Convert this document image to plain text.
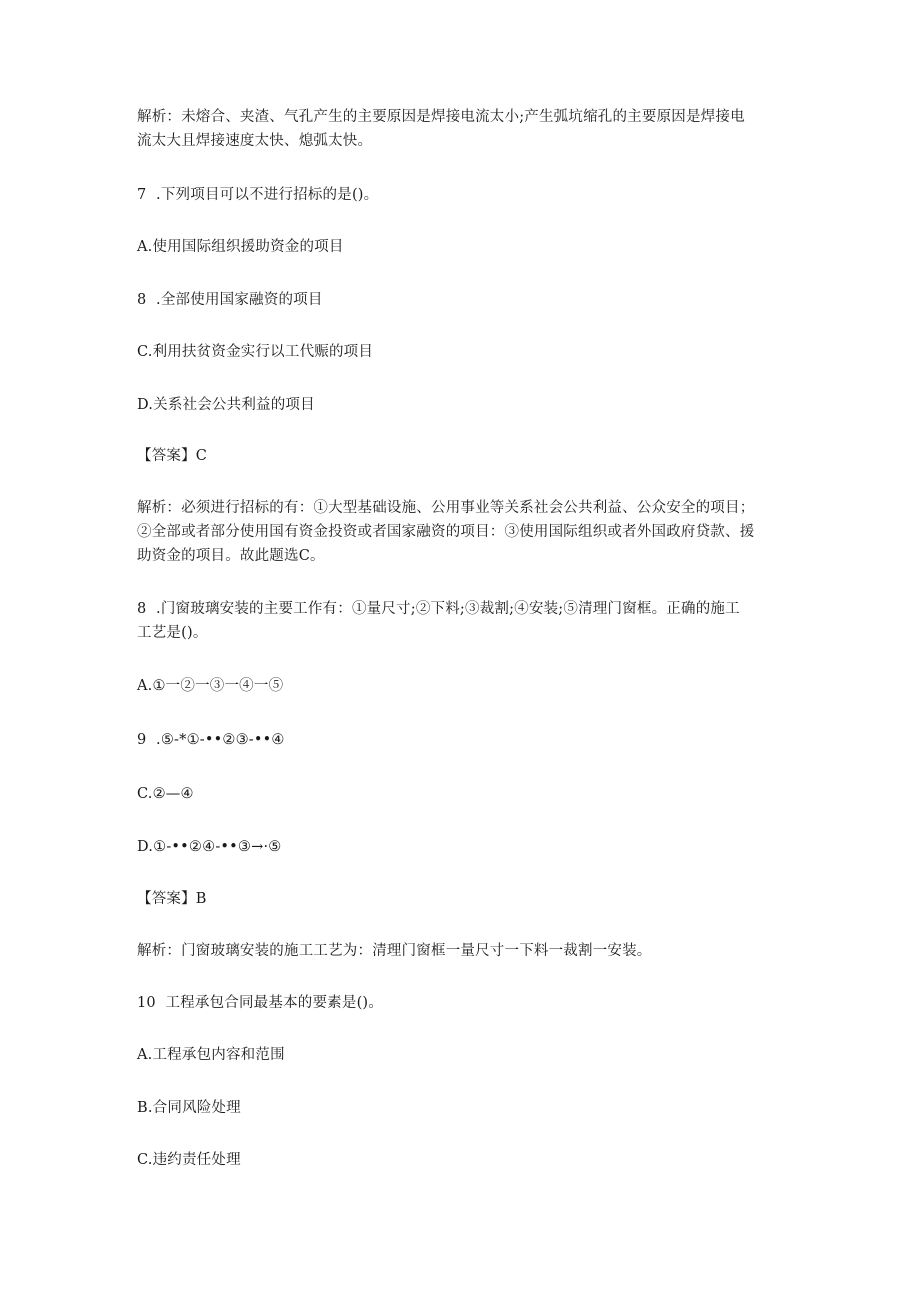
解析：未熔合、夹渣、气孔产生的主要原因是焊接电流太小;产生弧坑缩孔的主要原因是焊接电
流太大且焊接速度太快、熄弧太快。
7  .下列项目可以不进行招标的是()。
A.使用国际组织援助资金的项目
8  .全部使用国家融资的项目
C.利用扶贫资金实行以工代赈的项目
D.关系社会公共利益的项目
【答案】C
解析：必须进行招标的有：①大型基础设施、公用事业等关系社会公共利益、公众安全的项目；
②全部或者部分使用国有资金投资或者国家融资的项目：③使用国际组织或者外国政府贷款、援
助资金的项目。故此题选C。
8  .门窗玻璃安装的主要工作有：①量尺寸;②下料;③裁割;④安装;⑤清理门窗框。正确的施工
工艺是()。
A.①一②一③一④一⑤
9  .⑤-*①-••②③-••④
C.②—④
D.①-••②④-••③→·⑤
【答案】B
解析：门窗玻璃安装的施工工艺为：清理门窗框一量尺寸一下料一裁割一安装。
10  工程承包合同最基本的要素是()。
A.工程承包内容和范围
B.合同风险处理
C.违约责任处理
